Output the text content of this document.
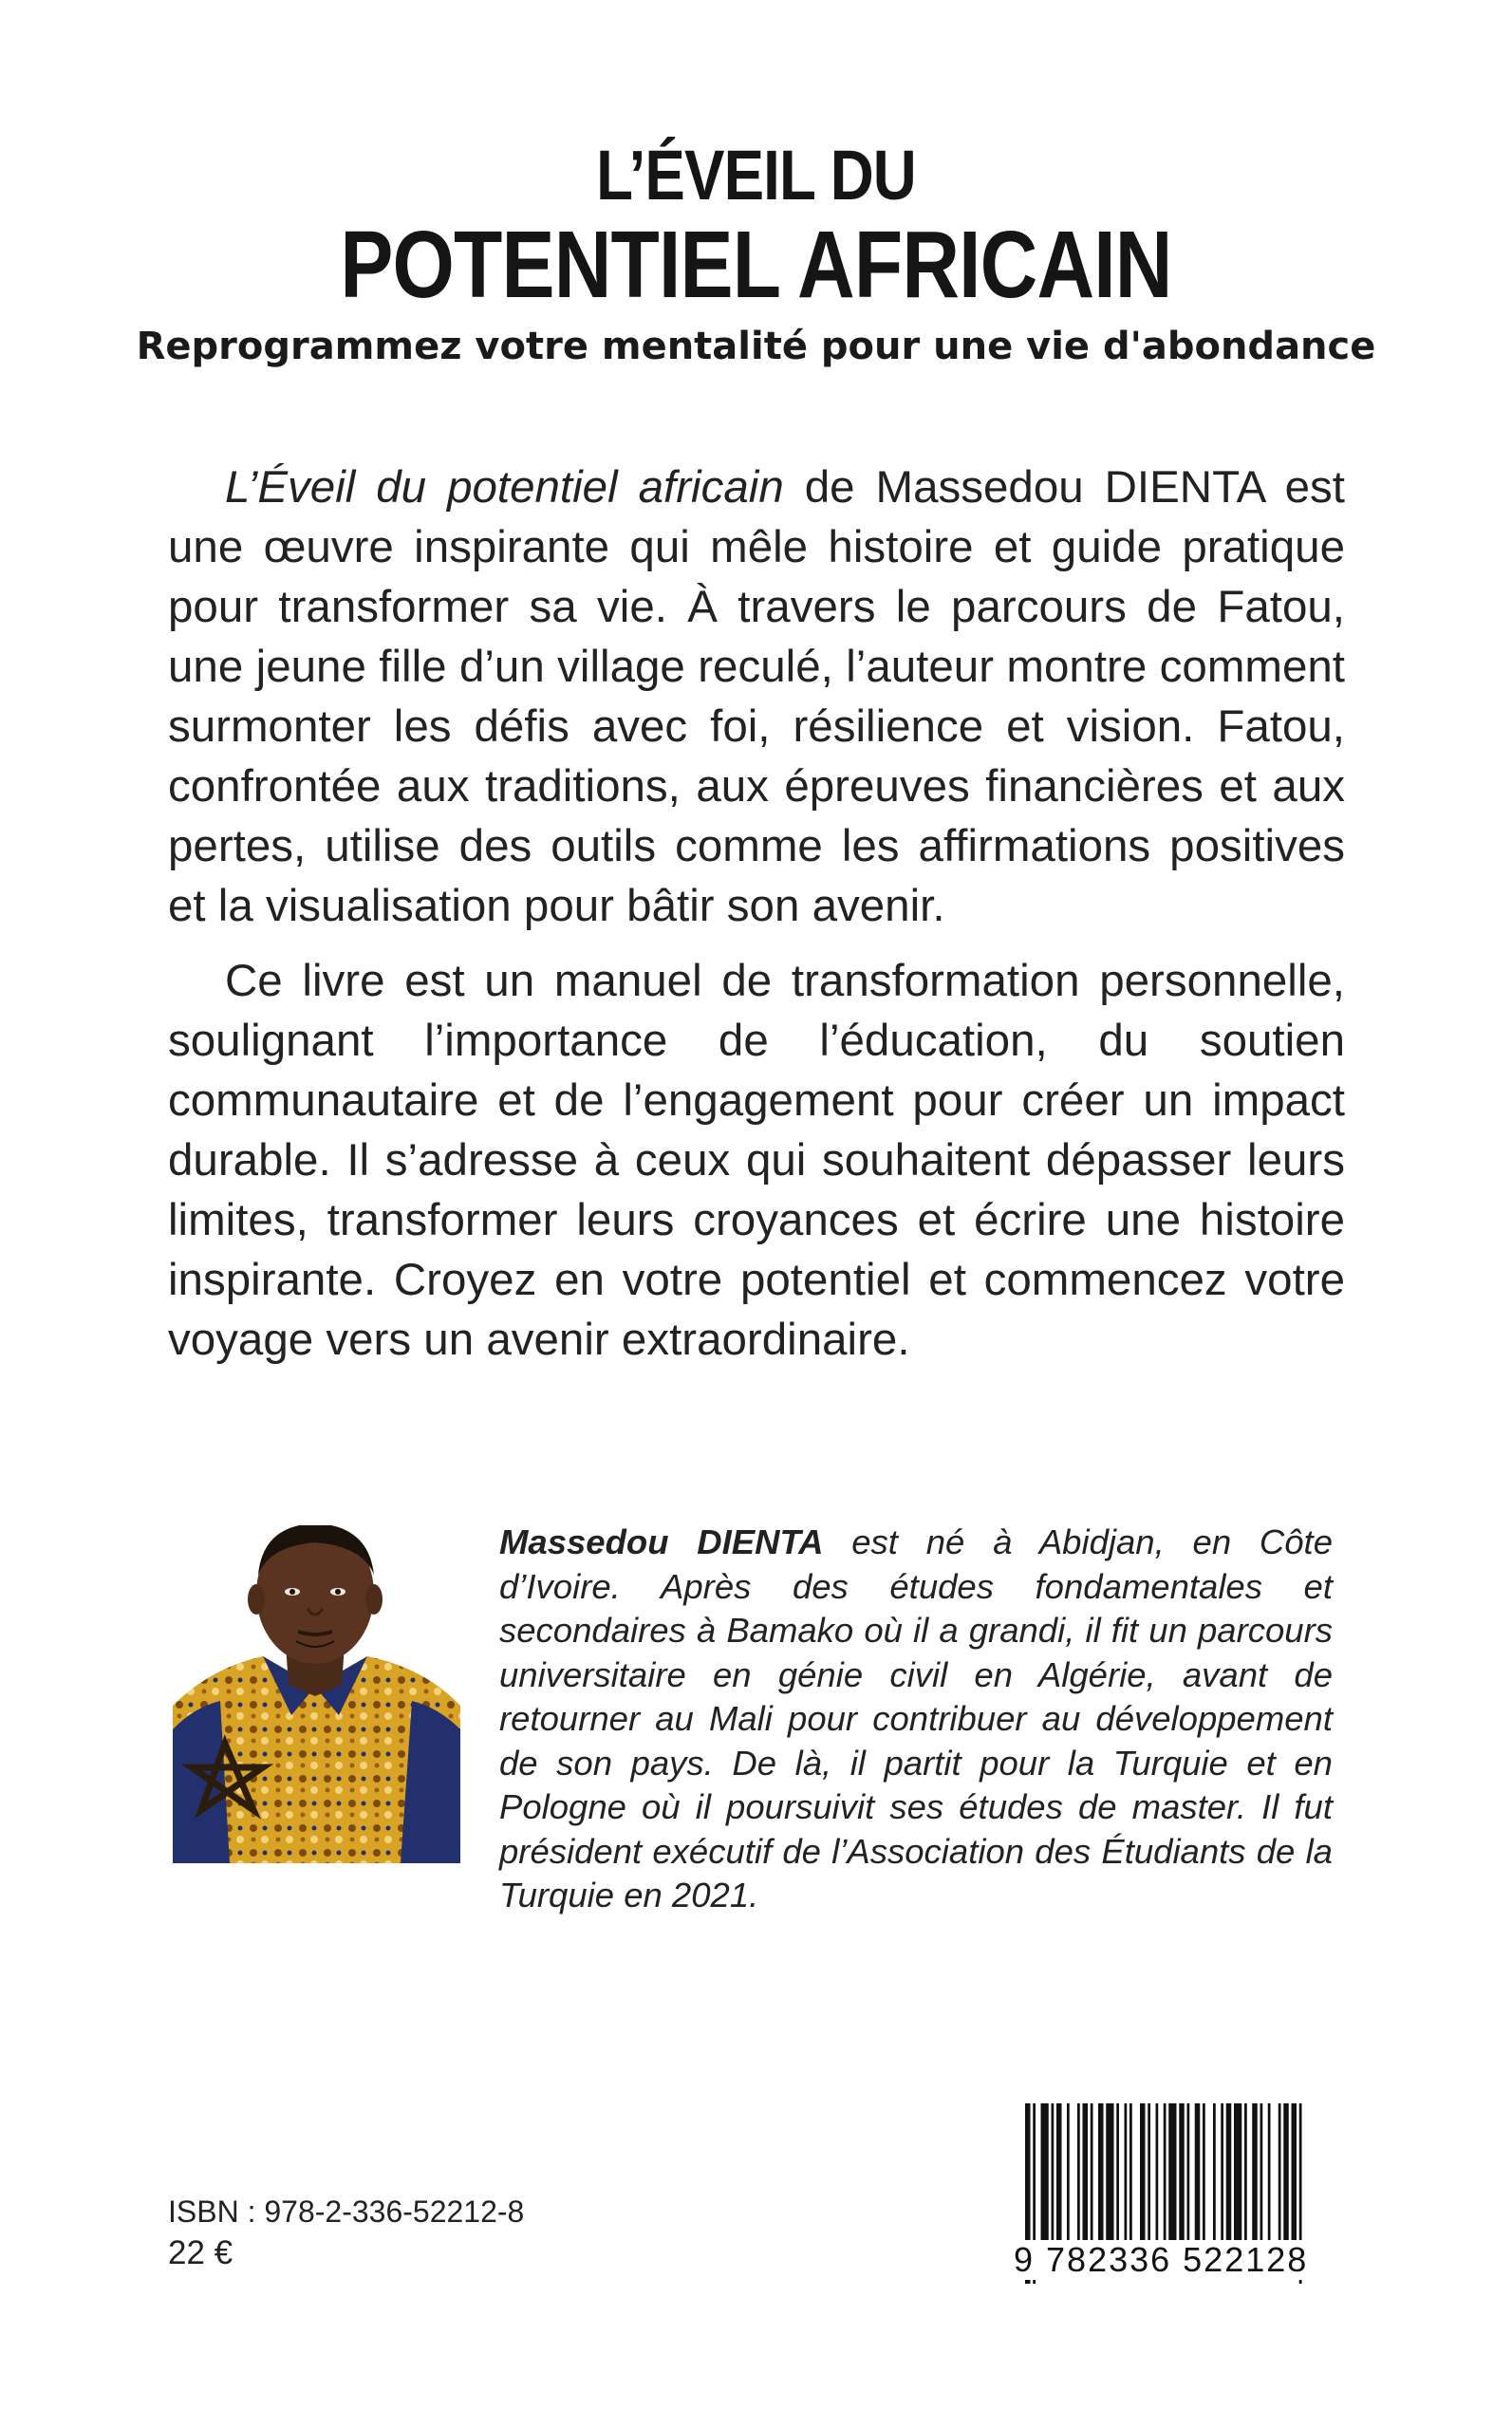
L’ÉVEIL DU
POTENTIEL AFRICAIN
Reprogrammez votre mentalité pour une vie d'abondance

L’Éveil du potentiel africain de Massedou DIENTA est une œuvre inspirante qui mêle histoire et guide pratique pour transformer sa vie. À travers le parcours de Fatou, une jeune fille d’un village reculé, l’auteur montre comment surmonter les défis avec foi, résilience et vision. Fatou, confrontée aux traditions, aux épreuves financières et aux pertes, utilise des outils comme les affirmations positives et la visualisation pour bâtir son avenir.

Ce livre est un manuel de transformation personnelle, soulignant l’importance de l’éducation, du soutien communautaire et de l’engagement pour créer un impact durable. Il s’adresse à ceux qui souhaitent dépasser leurs limites, transformer leurs croyances et écrire une histoire inspirante. Croyez en votre potentiel et commencez votre voyage vers un avenir extraordinaire.

Massedou DIENTA est né à Abidjan, en Côte d’Ivoire. Après des études fondamentales et secondaires à Bamako où il a grandi, il fit un parcours universitaire en génie civil en Algérie, avant de retourner au Mali pour contribuer au développement de son pays. De là, il partit pour la Turquie et en Pologne où il poursuivit ses études de master. Il fut président exécutif de l’Association des Étudiants de la Turquie en 2021.

ISBN : 978-2-336-52212-8
22 €	9 782336 522128
